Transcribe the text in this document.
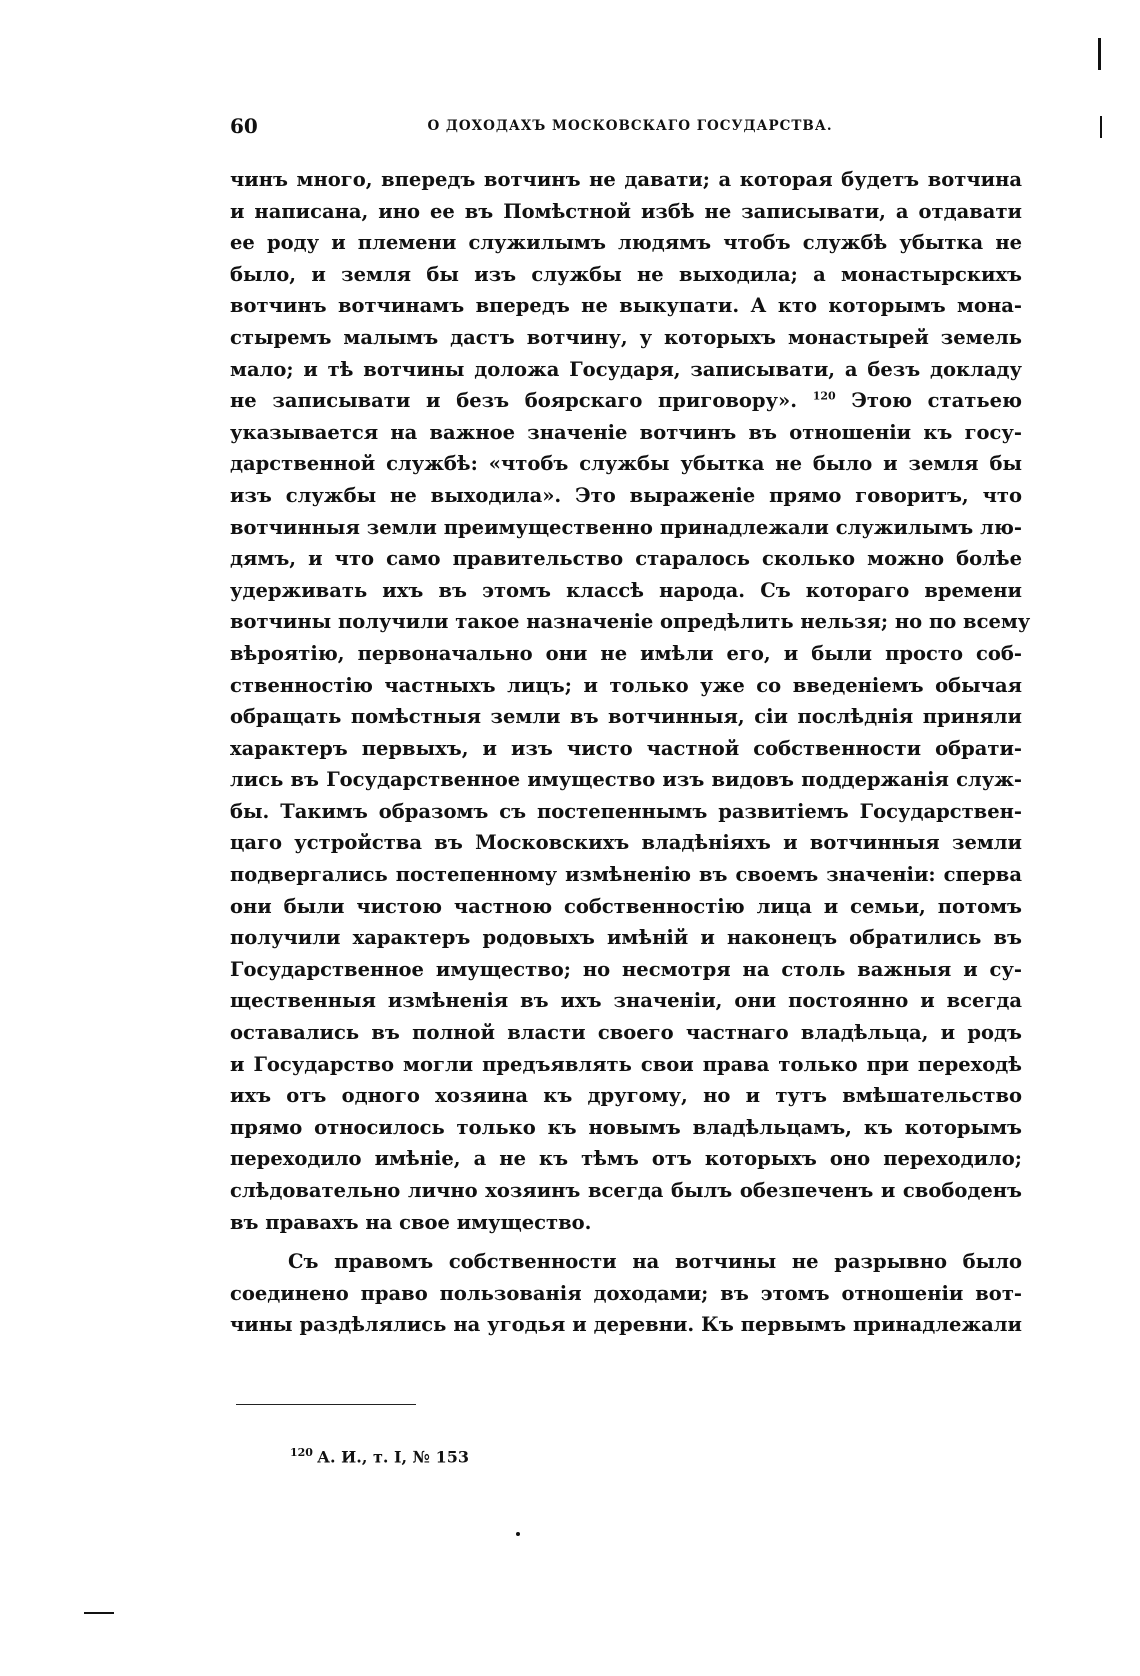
60	О ДОХОДАХЪ МОСКОВСКАГО ГОСУДАРСТВА.
чинъ много, впередъ вотчинъ не давати; а которая будетъ вотчина
и написана, ино ее въ Помѣстной избѣ не записывати, а отдавати
ее роду и племени служилымъ людямъ чтобъ службѣ убытка не
было, и земля бы изъ службы не выходила; а монастырскихъ
вотчинъ вотчинамъ впередъ не выкупати. А кто которымъ мона-
стыремъ малымъ дастъ вотчину, у которыхъ монастырей земель
мало; и тѣ вотчины доложа Государя, записывати, а безъ докладу
не записывати и безъ боярскаго приговору». $^{120}$ Этою статьею
указывается на важное значеніе вотчинъ въ отношеніи къ госу-
дарственной службѣ: «чтобъ службы убытка не было и земля бы
изъ службы не выходила». Это выраженіе прямо говоритъ, что
вотчинныя земли преимущественно принадлежали служилымъ лю-
дямъ, и что само правительство старалось сколько можно болѣе
удерживать ихъ въ этомъ классѣ народа. Съ котораго времени
вотчины получили такое назначеніе опредѣлить нельзя; но по всему
вѣроятію, первоначально они не имѣли его, и были просто соб-
ственностію частныхъ лицъ; и только уже со введеніемъ обычая
обращать помѣстныя земли въ вотчинныя, сіи послѣднія приняли
характеръ первыхъ, и изъ чисто частной собственности обрати-
лись въ Государственное имущество изъ видовъ поддержанія служ-
бы. Такимъ образомъ съ постепеннымъ развитіемъ Государствен-
цаго устройства въ Московскихъ владѣніяхъ и вотчинныя земли
подвергались постепенному измѣненію въ своемъ значеніи: сперва
они были чистою частною собственностію лица и семьи, потомъ
получили характеръ родовыхъ имѣній и наконецъ обратились въ
Государственное имущество; но несмотря на столь важныя и су-
щественныя измѣненія въ ихъ значеніи, они постоянно и всегда
оставались въ полной власти своего частнаго владѣльца, и родъ
и Государство могли предъявлять свои права только при переходѣ
ихъ отъ одного хозяина къ другому, но и тутъ вмѣшательство
прямо относилось только къ новымъ владѣльцамъ, къ которымъ
переходило имѣніе, а не къ тѣмъ отъ которыхъ оно переходило;
слѣдовательно лично хозяинъ всегда былъ обезпеченъ и свободенъ
въ правахъ на свое имущество.
Съ правомъ собственности на вотчины не разрывно было
соединено право пользованія доходами; въ этомъ отношеніи вот-
чины раздѣлялись на угодья и деревни. Къ первымъ принадлежали
$^{120}$ А. И., т. I, № 153
